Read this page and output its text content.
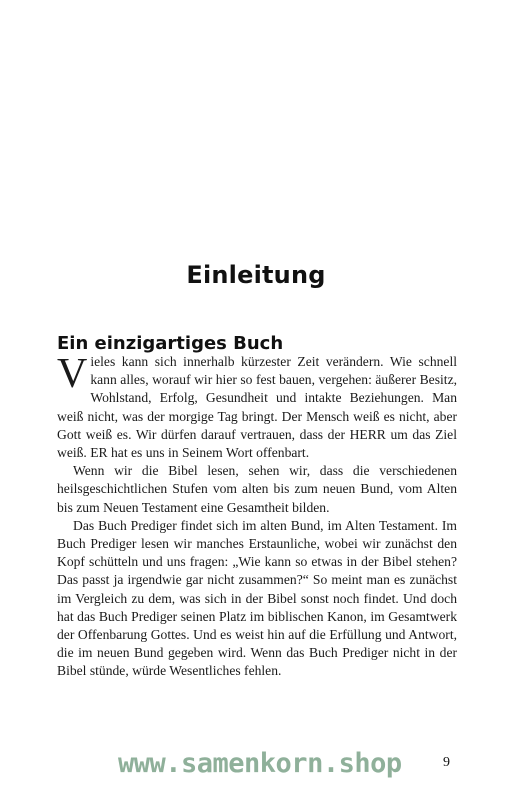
Einleitung
Ein einzigartiges Buch

Vieles kann sich innerhalb kürzester Zeit verändern. Wie schnell kann alles, worauf wir hier so fest bauen, vergehen: äußerer Besitz, Wohlstand, Erfolg, Gesundheit und intakte Beziehungen. Man weiß nicht, was der morgige Tag bringt. Der Mensch weiß es nicht, aber Gott weiß es. Wir dürfen darauf vertrauen, dass der HERR um das Ziel weiß. ER hat es uns in Seinem Wort offenbart.

Wenn wir die Bibel lesen, sehen wir, dass die verschiedenen heilsgeschichtlichen Stufen vom alten bis zum neuen Bund, vom Alten bis zum Neuen Testament eine Gesamtheit bilden.

Das Buch Prediger findet sich im alten Bund, im Alten Testament. Im Buch Prediger lesen wir manches Erstaunliche, wobei wir zunächst den Kopf schütteln und uns fragen: „Wie kann so etwas in der Bibel stehen? Das passt ja irgendwie gar nicht zusammen?“ So meint man es zunächst im Vergleich zu dem, was sich in der Bibel sonst noch findet. Und doch hat das Buch Prediger seinen Platz im biblischen Kanon, im Gesamtwerk der Offenbarung Gottes. Und es weist hin auf die Erfüllung und Antwort, die im neuen Bund gegeben wird. Wenn das Buch Prediger nicht in der Bibel stünde, würde Wesentliches fehlen.

www.samenkorn.shop	9
